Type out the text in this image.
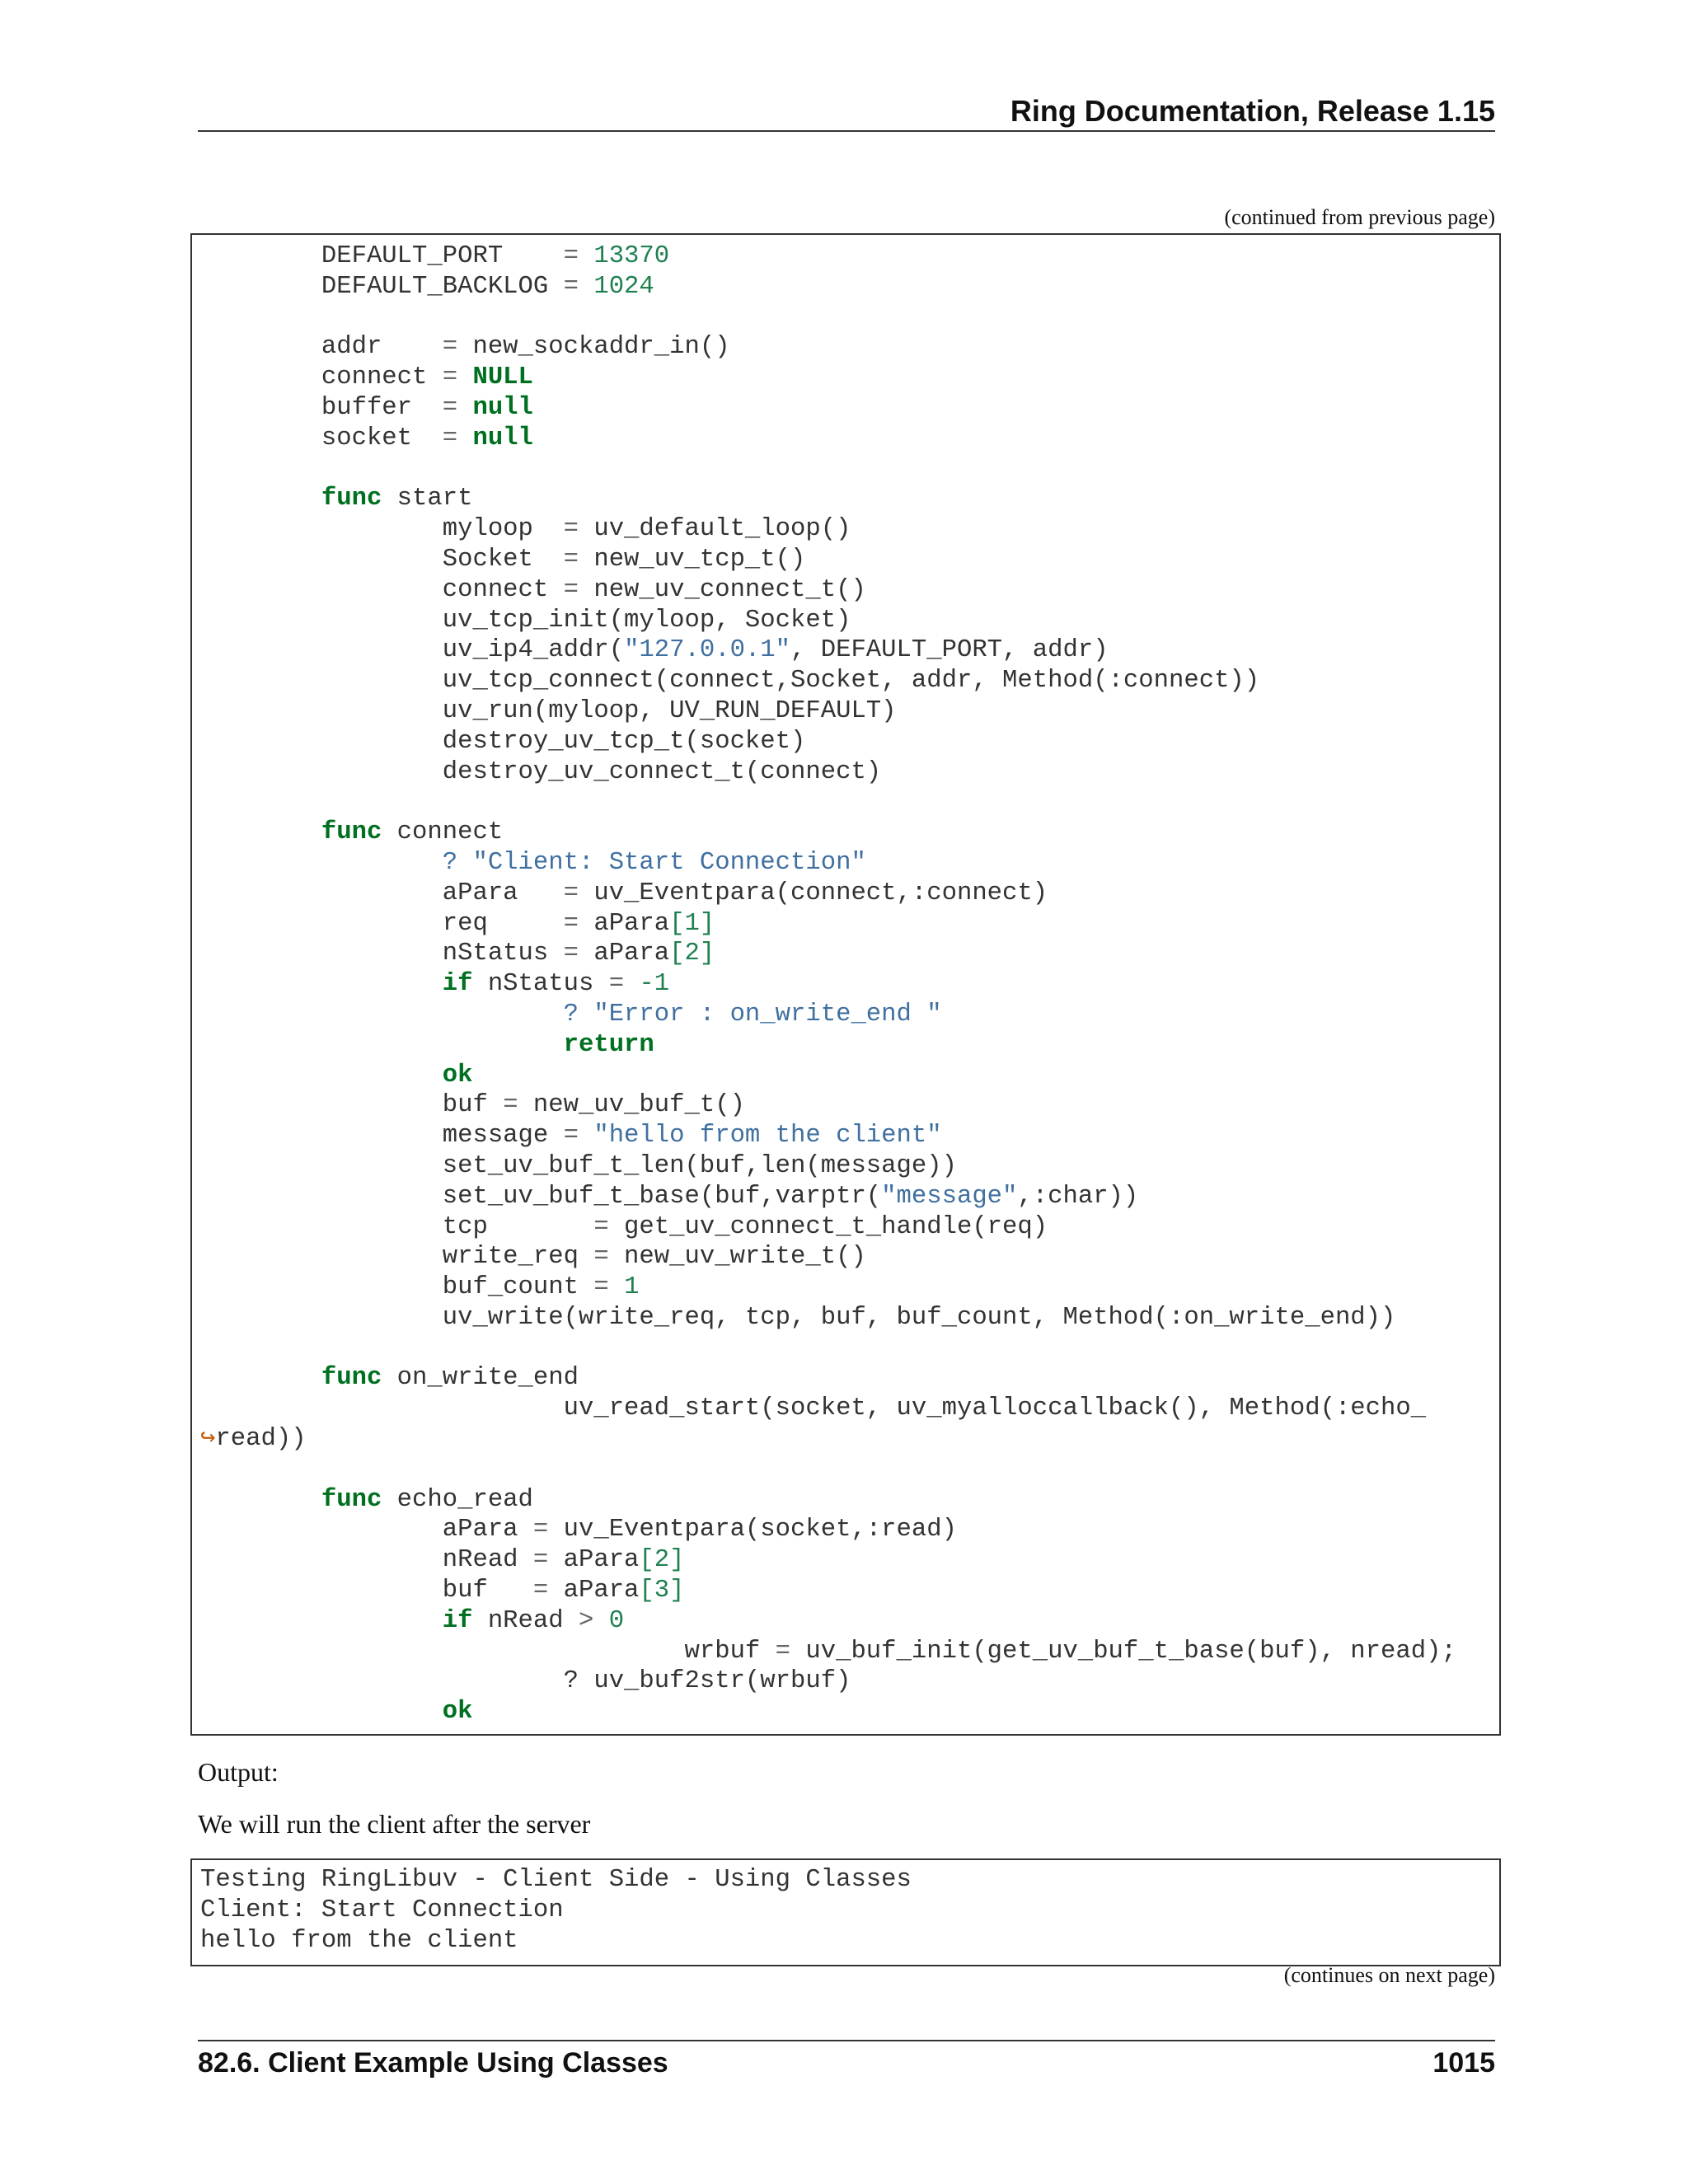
Ring Documentation, Release 1.15
(continued from previous page)
DEFAULT_PORT    = 13370
DEFAULT_BACKLOG = 1024
addr    = new_sockaddr_in()
connect = NULL
buffer  = null
socket  = null
func start
myloop  = uv_default_loop()
Socket  = new_uv_tcp_t()
connect = new_uv_connect_t()
uv_tcp_init(myloop, Socket)
uv_ip4_addr("127.0.0.1", DEFAULT_PORT, addr)
uv_tcp_connect(connect,Socket, addr, Method(:connect))
uv_run(myloop, UV_RUN_DEFAULT)
destroy_uv_tcp_t(socket)
destroy_uv_connect_t(connect)
func connect
? "Client: Start Connection"
aPara   = uv_Eventpara(connect,:connect)
req     = aPara[1]
nStatus = aPara[2]
if nStatus = -1
? "Error : on_write_end "
return
ok
buf = new_uv_buf_t()
message = "hello from the client"
set_uv_buf_t_len(buf,len(message))
set_uv_buf_t_base(buf,varptr("message",:char))
tcp       = get_uv_connect_t_handle(req)
write_req = new_uv_write_t()
buf_count = 1
uv_write(write_req, tcp, buf, buf_count, Method(:on_write_end))
func on_write_end
uv_read_start(socket, uv_myalloccallback(), Method(:echo_
↪read))
func echo_read
aPara = uv_Eventpara(socket,:read)
nRead = aPara[2]
buf   = aPara[3]
if nRead > 0
wrbuf = uv_buf_init(get_uv_buf_t_base(buf), nread);
? uv_buf2str(wrbuf)
ok
Output:
We will run the client after the server
Testing RingLibuv - Client Side - Using Classes
Client: Start Connection
hello from the client
(continues on next page)
82.6. Client Example Using Classes	1015
